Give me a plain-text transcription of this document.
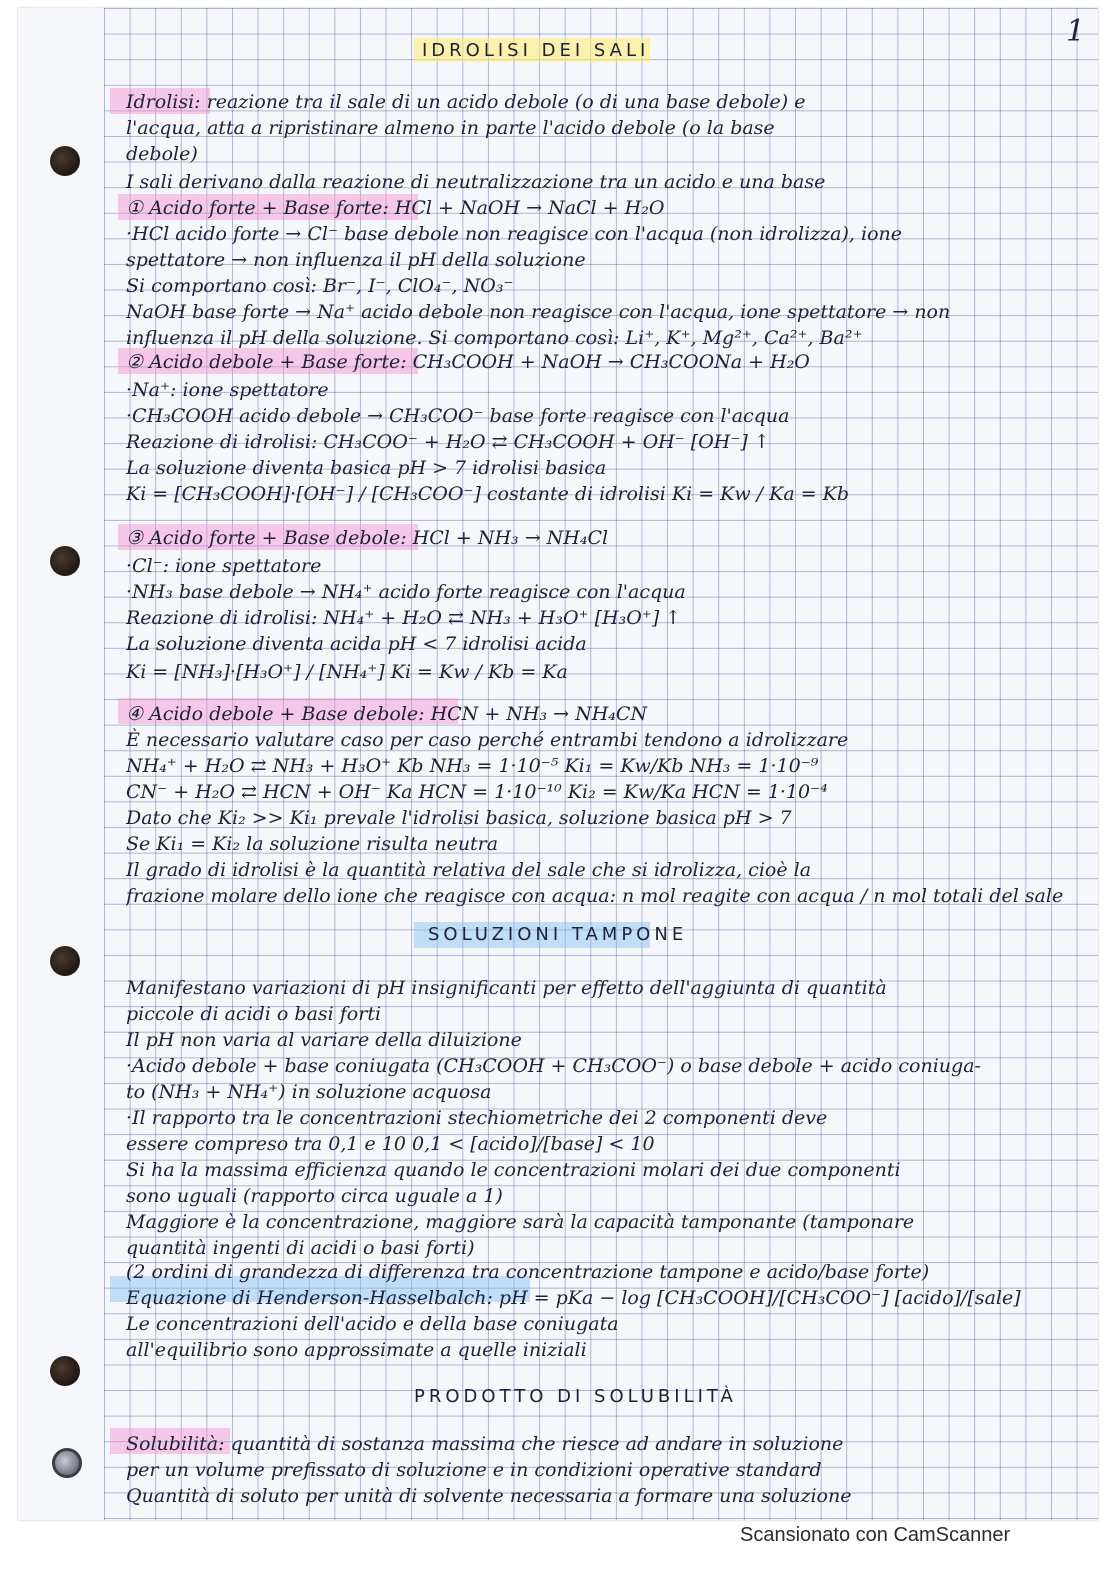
1
IDROLISI DEI SALI
Idrolisi: reazione tra il sale di un acido debole (o di una base debole) e
l'acqua, atta a ripristinare almeno in parte l'acido debole (o la base
debole)
I sali derivano dalla reazione di neutralizzazione tra un acido e una base
① Acido forte + Base forte: HCl + NaOH → NaCl + H₂O
·HCl acido forte → Cl⁻ base debole non reagisce con l'acqua (non idrolizza), ione
spettatore → non influenza il pH della soluzione
Si comportano così: Br⁻, I⁻, ClO₄⁻, NO₃⁻
NaOH base forte → Na⁺ acido debole non reagisce con l'acqua, ione spettatore → non
influenza il pH della soluzione. Si comportano così: Li⁺, K⁺, Mg²⁺, Ca²⁺, Ba²⁺
② Acido debole + Base forte: CH₃COOH + NaOH → CH₃COONa + H₂O
·Na⁺: ione spettatore
·CH₃COOH acido debole → CH₃COO⁻ base forte reagisce con l'acqua
Reazione di idrolisi: CH₃COO⁻ + H₂O ⇄ CH₃COOH + OH⁻ [OH⁻] ↑
La soluzione diventa basica pH > 7 idrolisi basica
Ki = [CH₃COOH]·[OH⁻] / [CH₃COO⁻] costante di idrolisi Ki = Kw / Ka = Kb
③ Acido forte + Base debole: HCl + NH₃ → NH₄Cl
·Cl⁻: ione spettatore
·NH₃ base debole → NH₄⁺ acido forte reagisce con l'acqua
Reazione di idrolisi: NH₄⁺ + H₂O ⇄ NH₃ + H₃O⁺ [H₃O⁺] ↑
La soluzione diventa acida pH < 7 idrolisi acida
Ki = [NH₃]·[H₃O⁺] / [NH₄⁺] Ki = Kw / Kb = Ka
④ Acido debole + Base debole: HCN + NH₃ → NH₄CN
È necessario valutare caso per caso perché entrambi tendono a idrolizzare
NH₄⁺ + H₂O ⇄ NH₃ + H₃O⁺ Kb NH₃ = 1·10⁻⁵ Ki₁ = Kw/Kb NH₃ = 1·10⁻⁹
CN⁻ + H₂O ⇄ HCN + OH⁻ Ka HCN = 1·10⁻¹⁰ Ki₂ = Kw/Ka HCN = 1·10⁻⁴
Dato che Ki₂ >> Ki₁ prevale l'idrolisi basica, soluzione basica pH > 7
Se Ki₁ = Ki₂ la soluzione risulta neutra
Il grado di idrolisi è la quantità relativa del sale che si idrolizza, cioè la
frazione molare dello ione che reagisce con acqua: n mol reagite con acqua / n mol totali del sale
SOLUZIONI TAMPONE
Manifestano variazioni di pH insignificanti per effetto dell'aggiunta di quantità
piccole di acidi o basi forti
Il pH non varia al variare della diluizione
·Acido debole + base coniugata (CH₃COOH + CH₃COO⁻) o base debole + acido coniuga-
to (NH₃ + NH₄⁺) in soluzione acquosa
·Il rapporto tra le concentrazioni stechiometriche dei 2 componenti deve
essere compreso tra 0,1 e 10 0,1 < [acido]/[base] < 10
Si ha la massima efficienza quando le concentrazioni molari dei due componenti
sono uguali (rapporto circa uguale a 1)
Maggiore è la concentrazione, maggiore sarà la capacità tamponante (tamponare
quantità ingenti di acidi o basi forti)
(2 ordini di grandezza di differenza tra concentrazione tampone e acido/base forte)
Equazione di Henderson-Hasselbalch: pH = pKa − log [CH₃COOH]/[CH₃COO⁻] [acido]/[sale]
Le concentrazioni dell'acido e della base coniugata
all'equilibrio sono approssimate a quelle iniziali
PRODOTTO DI SOLUBILITÀ
Solubilità: quantità di sostanza massima che riesce ad andare in soluzione
per un volume prefissato di soluzione e in condizioni operative standard
Quantità di soluto per unità di solvente necessaria a formare una soluzione
Scansionato con CamScanner
